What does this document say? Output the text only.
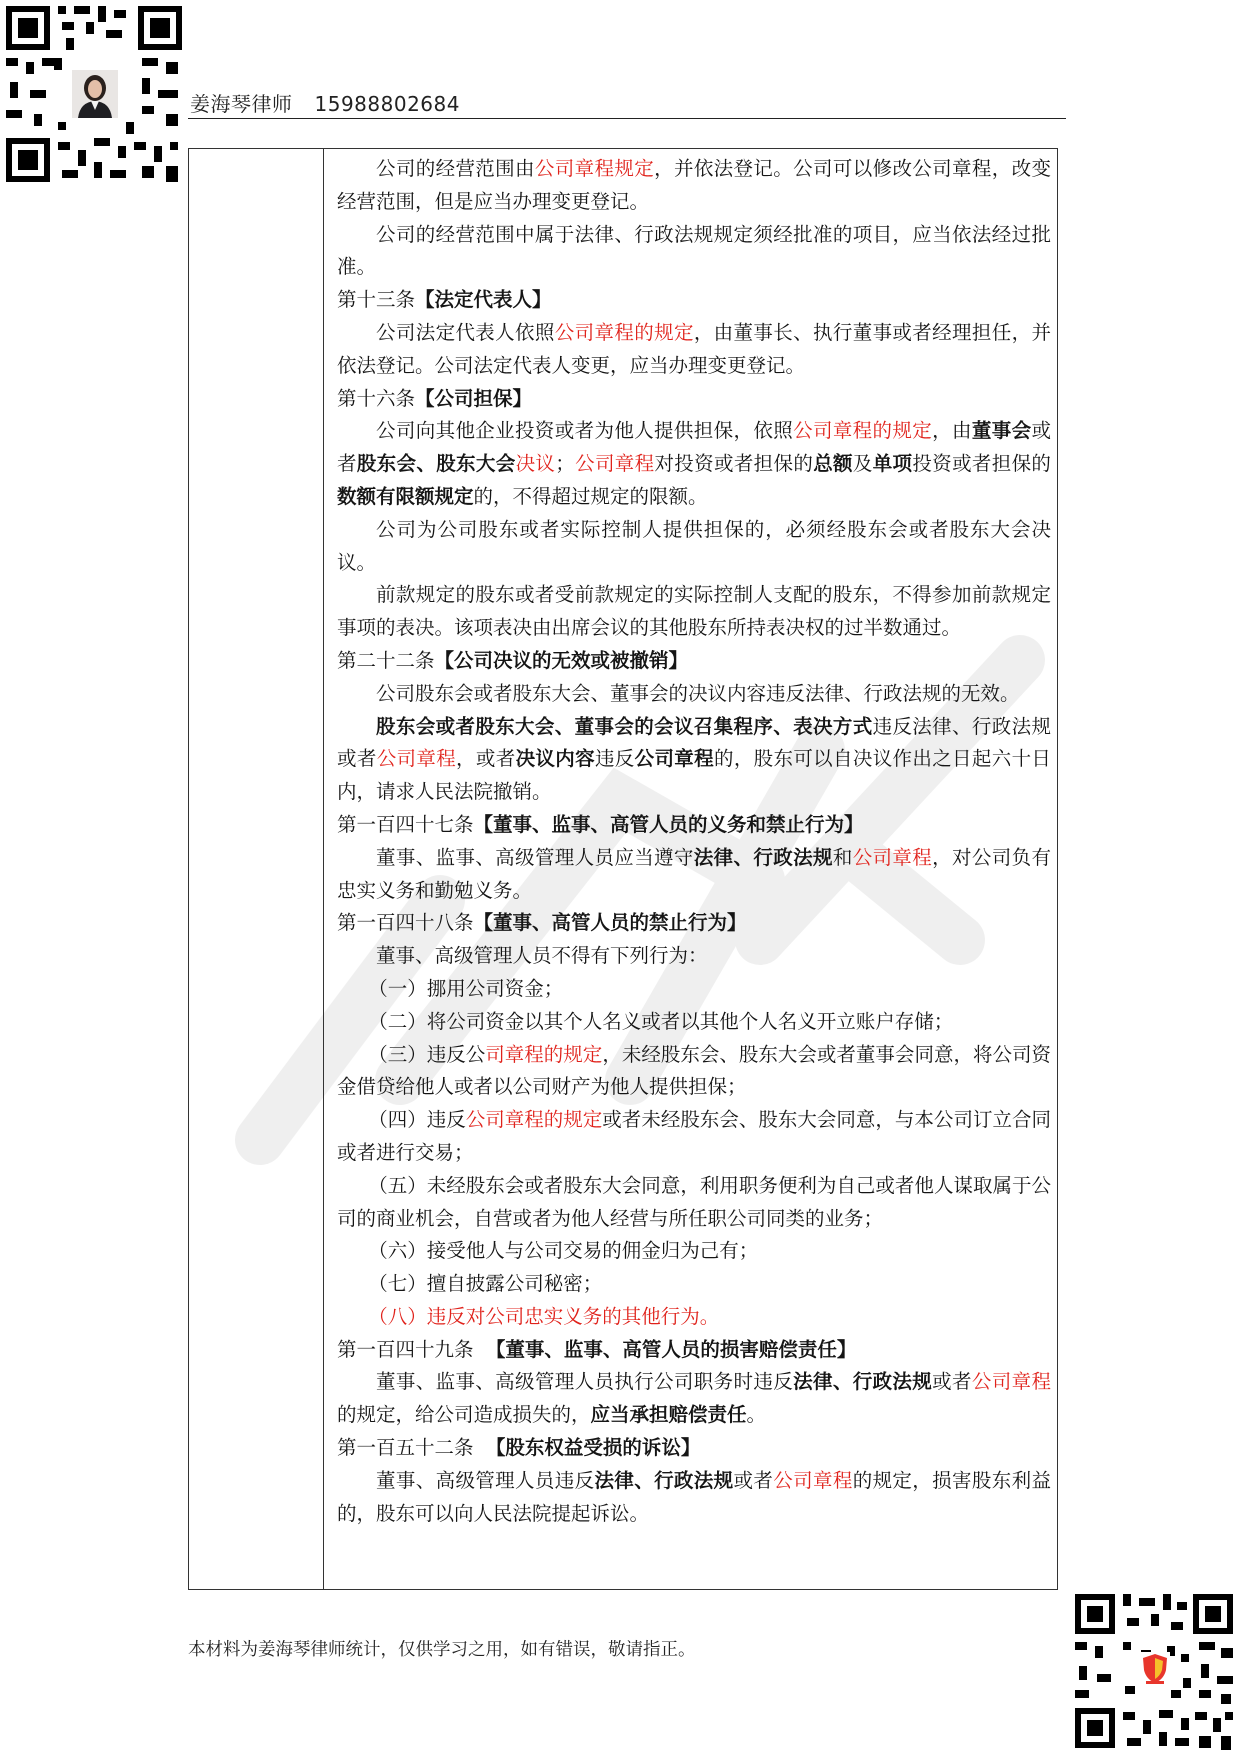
姜海琴律师 15988802684

公司的经营范围由公司章程规定，并依法登记。公司可以修改公司章程，改变经营范围，但是应当办理变更登记。

公司的经营范围中属于法律、行政法规规定须经批准的项目，应当依法经过批准。

第十三条【法定代表人】

公司法定代表人依照公司章程的规定，由董事长、执行董事或者经理担任，并依法登记。公司法定代表人变更，应当办理变更登记。

第十六条【公司担保】

公司向其他企业投资或者为他人提供担保，依照公司章程的规定，由董事会或者股东会、股东大会决议；公司章程对投资或者担保的总额及单项投资或者担保的数额有限额规定的，不得超过规定的限额。

公司为公司股东或者实际控制人提供担保的，必须经股东会或者股东大会决议。

前款规定的股东或者受前款规定的实际控制人支配的股东，不得参加前款规定事项的表决。该项表决由出席会议的其他股东所持表决权的过半数通过。

第二十二条【公司决议的无效或被撤销】

公司股东会或者股东大会、董事会的决议内容违反法律、行政法规的无效。

股东会或者股东大会、董事会的会议召集程序、表决方式违反法律、行政法规或者公司章程，或者决议内容违反公司章程的，股东可以自决议作出之日起六十日内，请求人民法院撤销。

第一百四十七条【董事、监事、高管人员的义务和禁止行为】

董事、监事、高级管理人员应当遵守法律、行政法规和公司章程，对公司负有忠实义务和勤勉义务。

第一百四十八条【董事、高管人员的禁止行为】

董事、高级管理人员不得有下列行为：

（一）挪用公司资金；

（二）将公司资金以其个人名义或者以其他个人名义开立账户存储；

（三）违反公司章程的规定，未经股东会、股东大会或者董事会同意，将公司资金借贷给他人或者以公司财产为他人提供担保；

（四）违反公司章程的规定或者未经股东会、股东大会同意，与本公司订立合同或者进行交易；

（五）未经股东会或者股东大会同意，利用职务便利为自己或者他人谋取属于公司的商业机会，自营或者为他人经营与所任职公司同类的业务；

（六）接受他人与公司交易的佣金归为己有；

（七）擅自披露公司秘密；

（八）违反对公司忠实义务的其他行为。

第一百四十九条 【董事、监事、高管人员的损害赔偿责任】

董事、监事、高级管理人员执行公司职务时违反法律、行政法规或者公司章程的规定，给公司造成损失的，应当承担赔偿责任。

第一百五十二条 【股东权益受损的诉讼】

董事、高级管理人员违反法律、行政法规或者公司章程的规定，损害股东利益的，股东可以向人民法院提起诉讼。

本材料为姜海琴律师统计，仅供学习之用，如有错误，敬请指正。
